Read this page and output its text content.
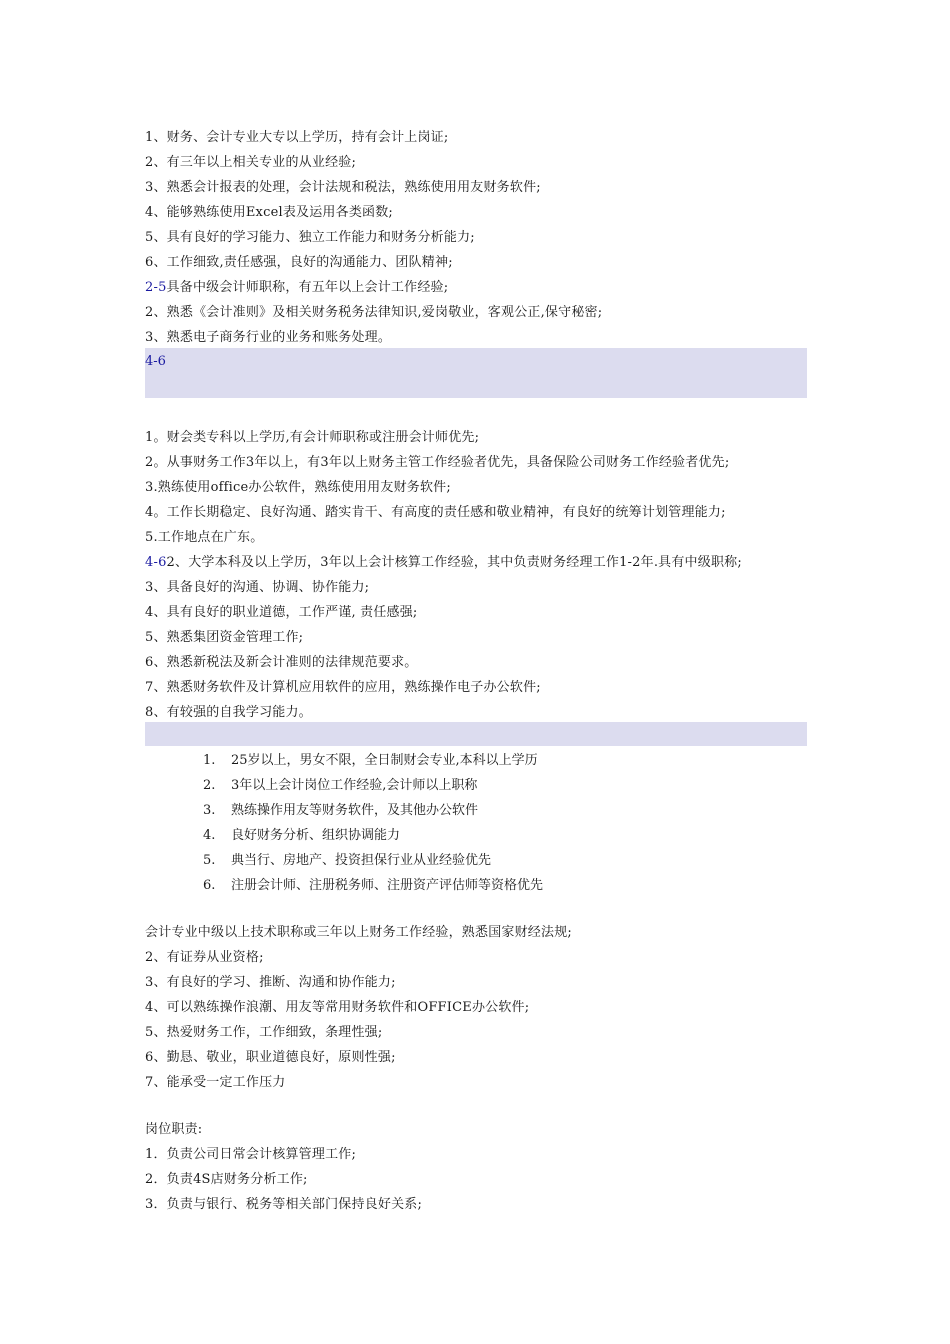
1、财务、会计专业大专以上学历，持有会计上岗证;
2、有三年以上相关专业的从业经验;
3、熟悉会计报表的处理，会计法规和税法，熟练使用用友财务软件;
4、能够熟练使用Excel表及运用各类函数;
5、具有良好的学习能力、独立工作能力和财务分析能力;
6、工作细致,责任感强，良好的沟通能力、团队精神;
2-5具备中级会计师职称，有五年以上会计工作经验;
2、熟悉《会计准则》及相关财务税务法律知识,爱岗敬业，客观公正,保守秘密;
3、熟悉电子商务行业的业务和账务处理。
4-6
1。财会类专科以上学历,有会计师职称或注册会计师优先;
2。从事财务工作3年以上，有3年以上财务主管工作经验者优先，具备保险公司财务工作经验者优先;
3.熟练使用office办公软件，熟练使用用友财务软件;
4。工作长期稳定、良好沟通、踏实肯干、有高度的责任感和敬业精神，有良好的统筹计划管理能力;
5.工作地点在广东。
4-62、大学本科及以上学历，3年以上会计核算工作经验，其中负责财务经理工作1-2年.具有中级职称;
3、具备良好的沟通、协调、协作能力;
4、具有良好的职业道德，工作严谨, 责任感强;
5、熟悉集团资金管理工作;
6、熟悉新税法及新会计准则的法律规范要求。
7、熟悉财务软件及计算机应用软件的应用，熟练操作电子办公软件;
8、有较强的自我学习能力。
1. 25岁以上，男女不限，全日制财会专业,本科以上学历
2. 3年以上会计岗位工作经验,会计师以上职称
3. 熟练操作用友等财务软件，及其他办公软件
4. 良好财务分析、组织协调能力
5. 典当行、房地产、投资担保行业从业经验优先
6. 注册会计师、注册税务师、注册资产评估师等资格优先
会计专业中级以上技术职称或三年以上财务工作经验，熟悉国家财经法规;
2、有证券从业资格;
3、有良好的学习、推断、沟通和协作能力;
4、可以熟练操作浪潮、用友等常用财务软件和OFFICE办公软件;
5、热爱财务工作，工作细致，条理性强;
6、勤恳、敬业，职业道德良好，原则性强;
7、能承受一定工作压力
岗位职责:
1．负责公司日常会计核算管理工作;
2．负责4S店财务分析工作;
3．负责与银行、税务等相关部门保持良好关系;
